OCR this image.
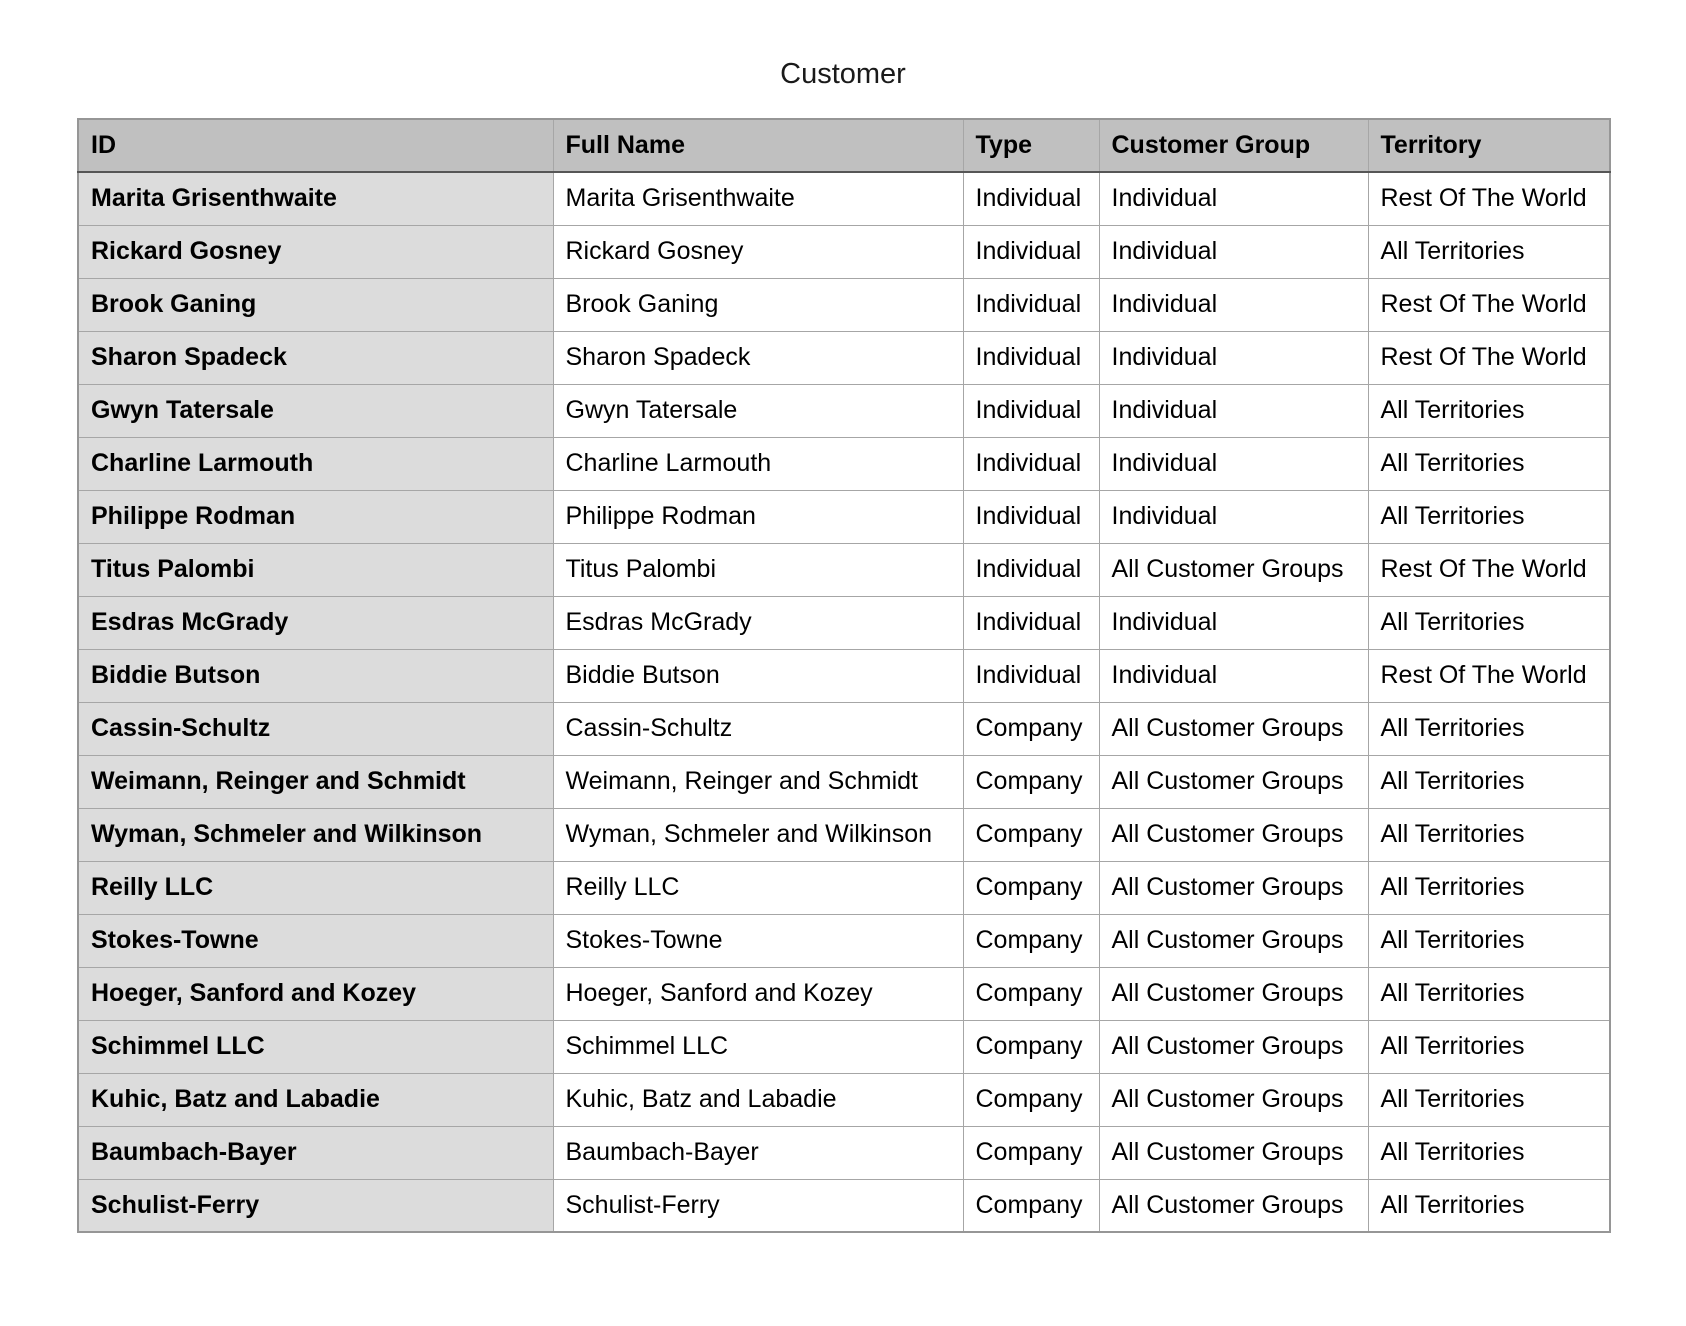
Customer
ID	Full Name	Type	Customer Group	Territory
Marita Grisenthwaite	Marita Grisenthwaite	Individual	Individual	Rest Of The World
Rickard Gosney	Rickard Gosney	Individual	Individual	All Territories
Brook Ganing	Brook Ganing	Individual	Individual	Rest Of The World
Sharon Spadeck	Sharon Spadeck	Individual	Individual	Rest Of The World
Gwyn Tatersale	Gwyn Tatersale	Individual	Individual	All Territories
Charline Larmouth	Charline Larmouth	Individual	Individual	All Territories
Philippe Rodman	Philippe Rodman	Individual	Individual	All Territories
Titus Palombi	Titus Palombi	Individual	All Customer Groups	Rest Of The World
Esdras McGrady	Esdras McGrady	Individual	Individual	All Territories
Biddie Butson	Biddie Butson	Individual	Individual	Rest Of The World
Cassin-Schultz	Cassin-Schultz	Company	All Customer Groups	All Territories
Weimann, Reinger and Schmidt	Weimann, Reinger and Schmidt	Company	All Customer Groups	All Territories
Wyman, Schmeler and Wilkinson	Wyman, Schmeler and Wilkinson	Company	All Customer Groups	All Territories
Reilly LLC	Reilly LLC	Company	All Customer Groups	All Territories
Stokes-Towne	Stokes-Towne	Company	All Customer Groups	All Territories
Hoeger, Sanford and Kozey	Hoeger, Sanford and Kozey	Company	All Customer Groups	All Territories
Schimmel LLC	Schimmel LLC	Company	All Customer Groups	All Territories
Kuhic, Batz and Labadie	Kuhic, Batz and Labadie	Company	All Customer Groups	All Territories
Baumbach-Bayer	Baumbach-Bayer	Company	All Customer Groups	All Territories
Schulist-Ferry	Schulist-Ferry	Company	All Customer Groups	All Territories
